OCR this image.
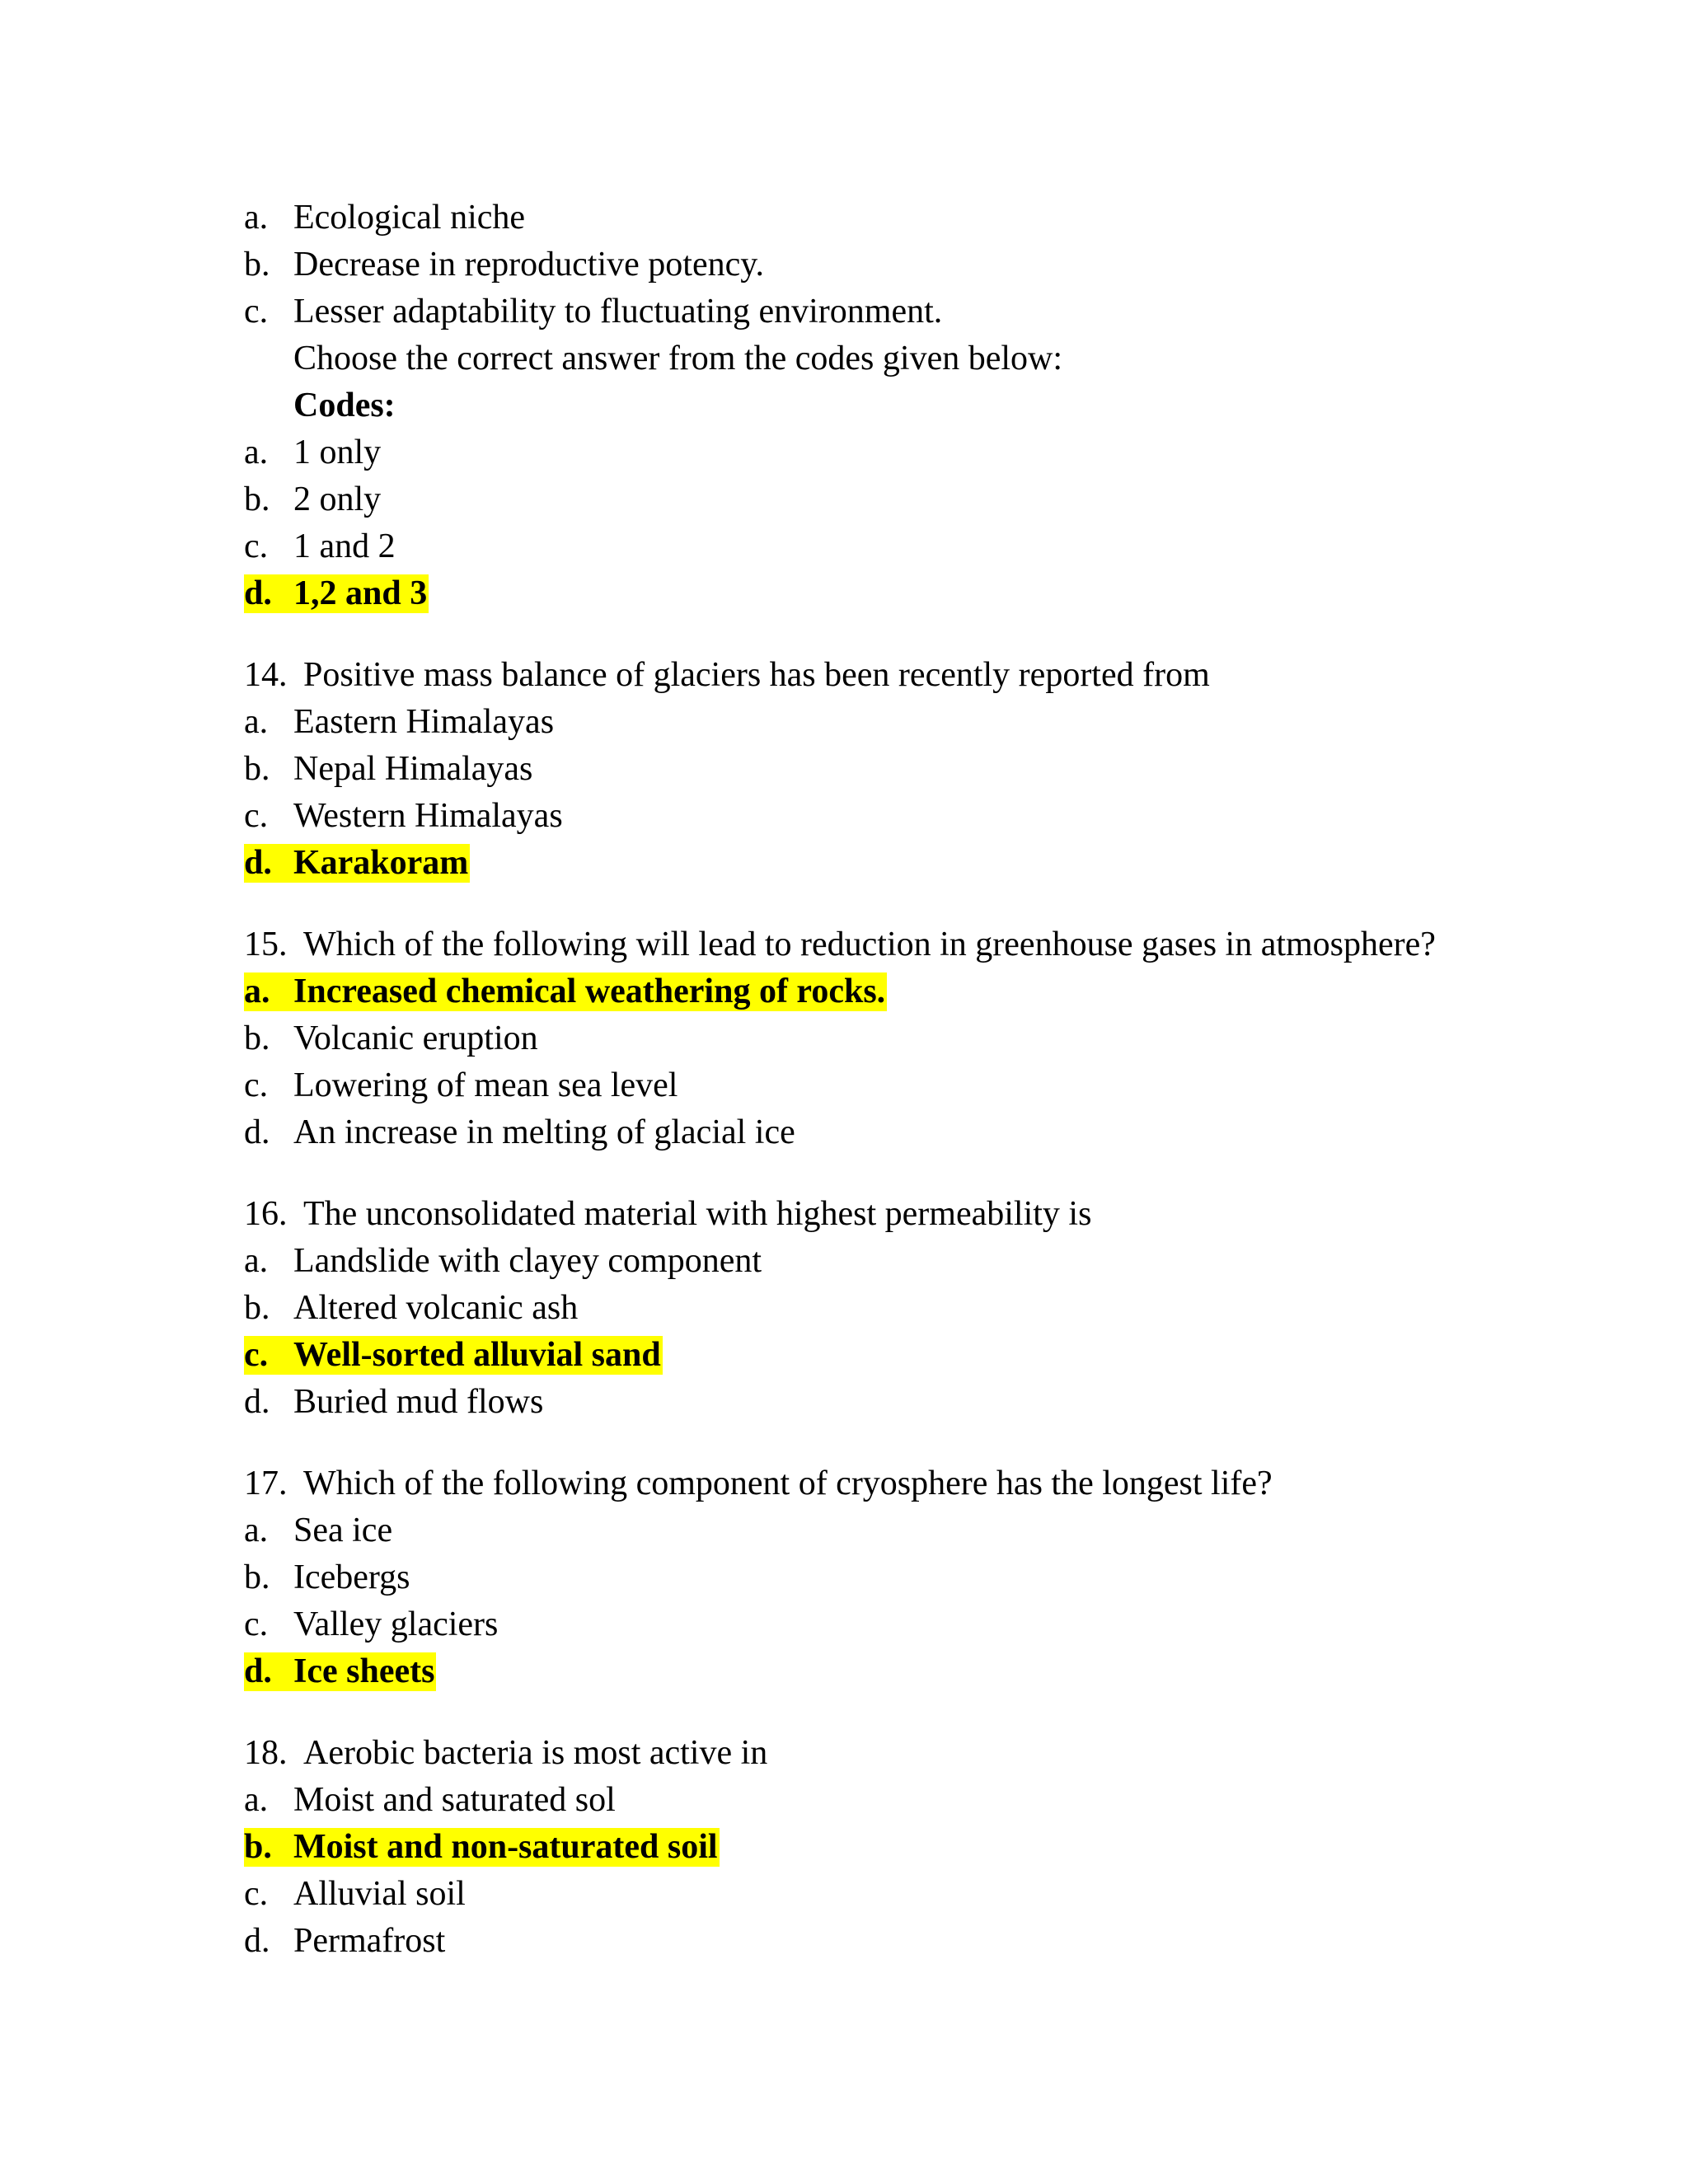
a. Ecological niche
b. Decrease in reproductive potency.
c. Lesser adaptability to fluctuating environment.
Choose the correct answer from the codes given below:
Codes:
a. 1 only
b. 2 only
c. 1 and 2
d. 1,2 and 3
14. Positive mass balance of glaciers has been recently reported from
a. Eastern Himalayas
b. Nepal Himalayas
c. Western Himalayas
d. Karakoram
15. Which of the following will lead to reduction in greenhouse gases in atmosphere?
a. Increased chemical weathering of rocks.
b. Volcanic eruption
c. Lowering of mean sea level
d. An increase in melting of glacial ice
16. The unconsolidated material with highest permeability is
a. Landslide with clayey component
b. Altered volcanic ash
c. Well-sorted alluvial sand
d. Buried mud flows
17. Which of the following component of cryosphere has the longest life?
a. Sea ice
b. Icebergs
c. Valley glaciers
d. Ice sheets
18. Aerobic bacteria is most active in
a. Moist and saturated sol
b. Moist and non-saturated soil
c. Alluvial soil
d. Permafrost
